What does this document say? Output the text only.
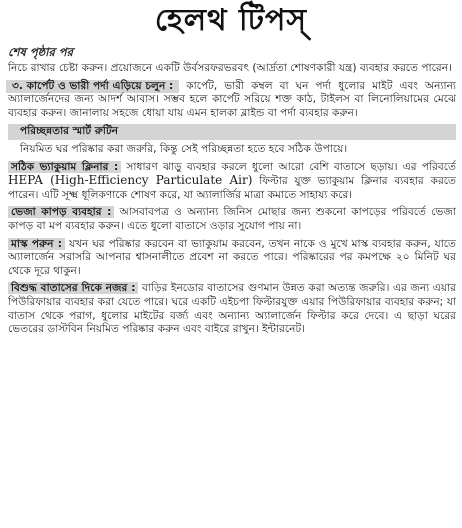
হেলথ টিপস্
শেষ পৃষ্ঠার পর

নিচে রাখার চেষ্টা করুন। প্রয়োজনে একটি উর্বসরফরভরবৎ (আর্দ্রতা শোষণকারী যন্ত্র) ব্যবহার করতে পারেন।

৩. কার্পেট ও ভারী পর্দা এড়িয়ে চলুন : কার্পেট, ভারী কম্বল বা ঘন পর্দা ধুলোর মাইট এবং অন্যান্য অ্যালার্জেনদের জন্য আদর্শ আবাস। সম্ভব হলে কার্পেট সরিয়ে শক্ত কাঠ, টাইলস বা লিনোলিয়ামের মেঝে ব্যবহার করুন। জানালায় সহজে ধোয়া যায় এমন হালকা ব্লাইন্ড বা পর্দা ব্যবহার করুন।

পরিচ্ছন্নতার স্মার্ট রুটিন

নিয়মিত ঘর পরিষ্কার করা জরুরি, কিন্তু সেই পরিচ্ছন্নতা হতে হবে সঠিক উপায়ে।

সঠিক ভ্যাকুয়াম ক্লিনার : সাধারণ ঝাড়ু ব্যবহার করলে ধুলো আরো বেশি বাতাসে ছড়ায়। এর পরিবর্তে HEPA (High-Efficiency Particulate Air) ফিল্টার যুক্ত ভ্যাকুয়াম ক্লিনার ব্যবহার করতে পারেন। এটি সূক্ষ্ম ধূলিকণাকে শোষণ করে, যা অ্যালার্জির মাত্রা কমাতে সাহায্য করে।

ভেজা কাপড় ব্যবহার : আসবাবপত্র ও অন্যান্য জিনিস মোছার জন্য শুকনো কাপড়ের পরিবর্তে ভেজা কাপড় বা মপ ব্যবহার করুন। এতে ধুলো বাতাসে ওড়ার সুযোগ পায় না।

মাস্ক পরুন : যখন ঘর পরিষ্কার করবেন বা ভ্যাকুয়াম করবেন, তখন নাকে ও মুখে মাস্ক ব্যবহার করুন, যাতে অ্যালার্জেন সরাসরি আপনার শ্বাসনালীতে প্রবেশ না করতে পারে। পরিষ্কারের পর কমপক্ষে ২০ মিনিট ঘর থেকে দূরে থাকুন।

বিশুদ্ধ বাতাসের দিকে নজর : বাড়ির ইনডোর বাতাসের গুণমান উন্নত করা অত্যন্ত জরুরি। এর জন্য এয়ার পিউরিফায়ার ব্যবহার করা যেতে পারে। ঘরে একটি এইচপা ফিল্টারযুক্ত এয়ার পিউরিফায়ার ব্যবহার করুন; যা বাতাস থেকে পরাগ, ধুলোর মাইটের বর্জ্য এবং অন্যান্য অ্যালার্জেন ফিল্টার করে দেবে। এ ছাড়া ঘরের ভেতরের ডাস্টবিন নিয়মিত পরিষ্কার করুন এবং বাইরে রাখুন। ইন্টারনেট।
